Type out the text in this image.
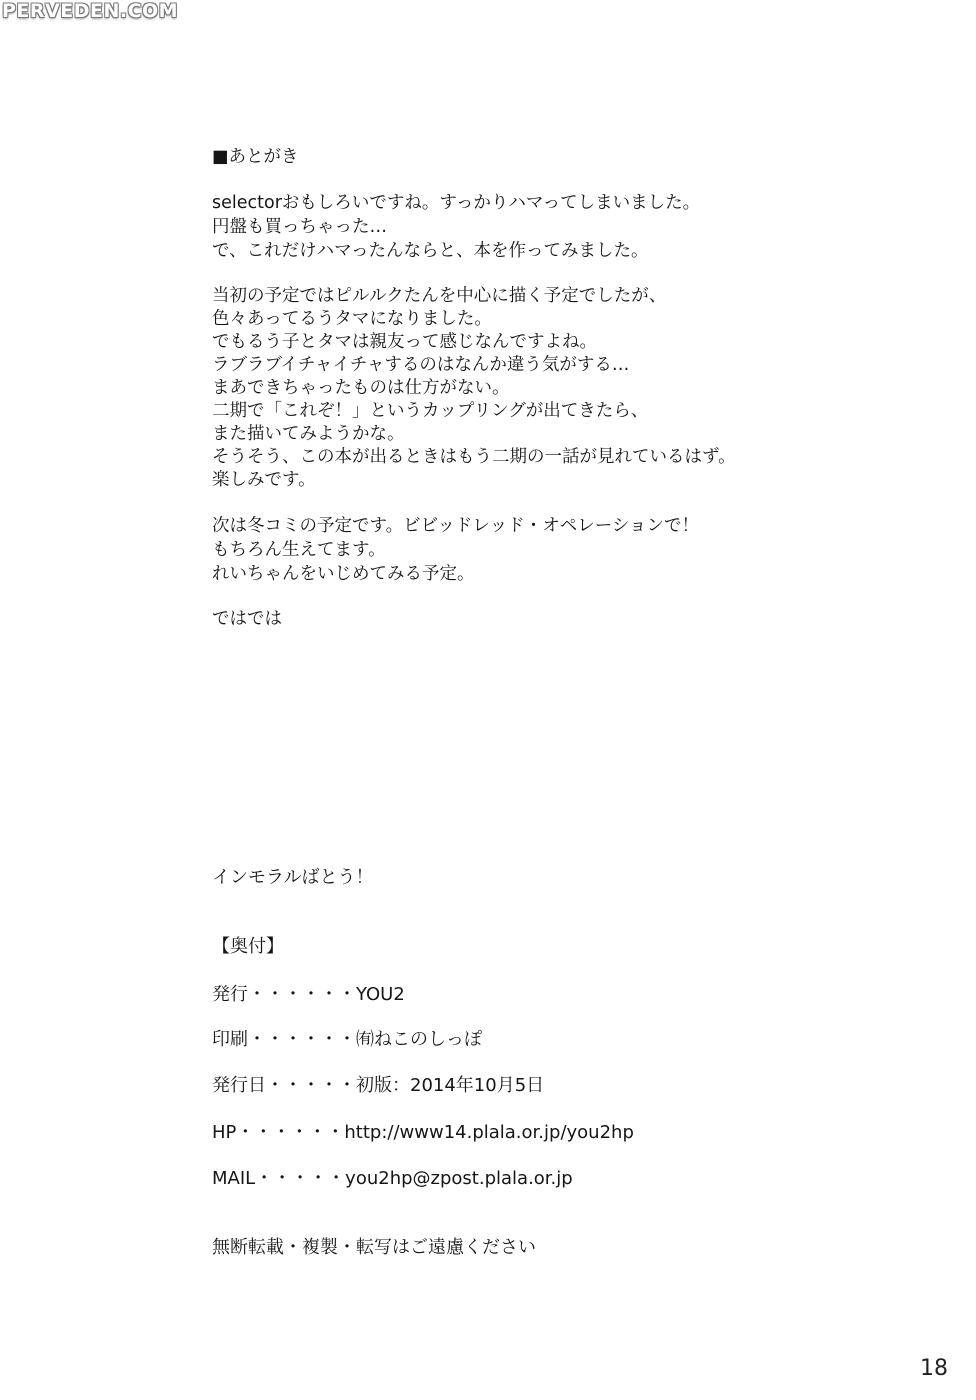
PERVEDEN.COM
■あとがき
selectorおもしろいですね。すっかりハマってしまいました。
円盤も買っちゃった…
で、これだけハマったんならと、本を作ってみました。
当初の予定ではピルルクたんを中心に描く予定でしたが、
色々あってるうタマになりました。
でもるう子とタマは親友って感じなんですよね。
ラブラブイチャイチャするのはなんか違う気がする…
まあできちゃったものは仕方がない。
二期で「これぞ！」というカップリングが出てきたら、
また描いてみようかな。
そうそう、この本が出るときはもう二期の一話が見れているはず。
楽しみです。
次は冬コミの予定です。ビビッドレッド・オペレーションで！
もちろん生えてます。
れいちゃんをいじめてみる予定。
ではでは
インモラルばとう！
【奥付】
発行・・・・・・YOU2
印刷・・・・・・㈲ねこのしっぽ
発行日・・・・・初版：2014年10月5日
HP・・・・・・http://www14.plala.or.jp/you2hp
MAIL・・・・・you2hp@zpost.plala.or.jp
無断転載・複製・転写はご遠慮ください
18
